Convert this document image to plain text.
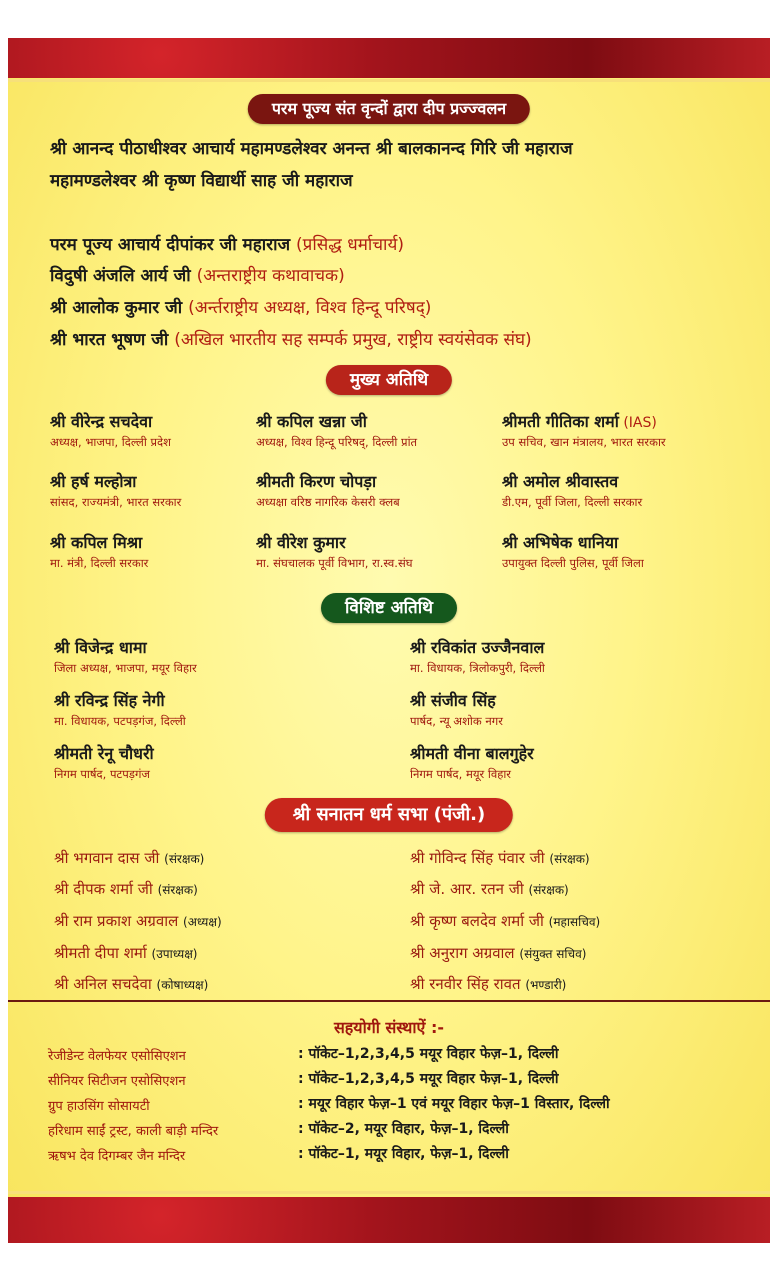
परम पूज्य संत वृन्दों द्वारा दीप प्रज्ज्वलन
श्री आनन्द पीठाधीश्वर आचार्य महामण्डलेश्वर अनन्त श्री बालकानन्द गिरि जी महाराज
महामण्डलेश्वर श्री कृष्ण विद्यार्थी साह जी महाराज
परम पूज्य आचार्य दीपांकर जी महाराज (प्रसिद्ध धर्माचार्य)
विदुषी अंजलि आर्य जी (अन्तराष्ट्रीय कथावाचक)
श्री आलोक कुमार जी (अर्न्तराष्ट्रीय अध्यक्ष, विश्व हिन्दू परिषद्)
श्री भारत भूषण जी (अखिल भारतीय सह सम्पर्क प्रमुख, राष्ट्रीय स्वयंसेवक संघ)
मुख्य अतिथि
श्री वीरेन्द्र सचदेवा
अध्यक्ष, भाजपा, दिल्ली प्रदेश
श्री कपिल खन्ना जी
अध्यक्ष, विश्व हिन्दू परिषद्, दिल्ली प्रांत
श्रीमती गीतिका शर्मा (IAS)
उप सचिव, खान मंत्रालय, भारत सरकार
श्री हर्ष मल्होत्रा
सांसद, राज्यमंत्री, भारत सरकार
श्रीमती किरण चोपड़ा
अध्यक्षा वरिष्ठ नागरिक केसरी क्लब
श्री अमोल श्रीवास्तव
डी.एम, पूर्वी जिला, दिल्ली सरकार
श्री कपिल मिश्रा
मा. मंत्री, दिल्ली सरकार
श्री वीरेश कुमार
मा. संघचालक पूर्वी विभाग, रा.स्व.संघ
श्री अभिषेक धानिया
उपायुक्त दिल्ली पुलिस, पूर्वी जिला
विशिष्ट अतिथि
श्री विजेन्द्र धामा
जिला अध्यक्ष, भाजपा, मयूर विहार
श्री रविकांत उज्जैनवाल
मा. विधायक, त्रिलोकपुरी, दिल्ली
श्री रविन्द्र सिंह नेगी
मा. विधायक, पटपड़गंज, दिल्ली
श्री संजीव सिंह
पार्षद, न्यू अशोक नगर
श्रीमती रेनू चौधरी
निगम पार्षद, पटपड़गंज
श्रीमती वीना बालगुहेर
निगम पार्षद, मयूर विहार
श्री सनातन धर्म सभा (पंजी.)
श्री भगवान दास जी (संरक्षक)	श्री गोविन्द सिंह पंवार जी (संरक्षक)
श्री दीपक शर्मा जी (संरक्षक)	श्री जे. आर. रतन जी (संरक्षक)
श्री राम प्रकाश अग्रवाल (अध्यक्ष)	श्री कृष्ण बलदेव शर्मा जी (महासचिव)
श्रीमती दीपा शर्मा (उपाध्यक्ष)	श्री अनुराग अग्रवाल (संयुक्त सचिव)
श्री अनिल सचदेवा (कोषाध्यक्ष)	श्री रनवीर सिंह रावत (भण्डारी)
सहयोगी संस्थाऐं :-
रेजीडेन्ट वेलफेयर एसोसिएशन	: पॉकेट–1,2,3,4,5 मयूर विहार फेज़–1, दिल्ली
सीनियर सिटीजन एसोसिएशन	: पॉकेट–1,2,3,4,5 मयूर विहार फेज़–1, दिल्ली
ग्रुप हाउसिंग सोसायटी	: मयूर विहार फेज़–1 एवं मयूर विहार फेज़–1 विस्तार, दिल्ली
हरिधाम साईं ट्रस्ट, काली बाड़ी मन्दिर	: पॉकेट–2, मयूर विहार, फेज़–1, दिल्ली
ऋषभ देव दिगम्बर जैन मन्दिर	: पॉकेट–1, मयूर विहार, फेज़–1, दिल्ली
